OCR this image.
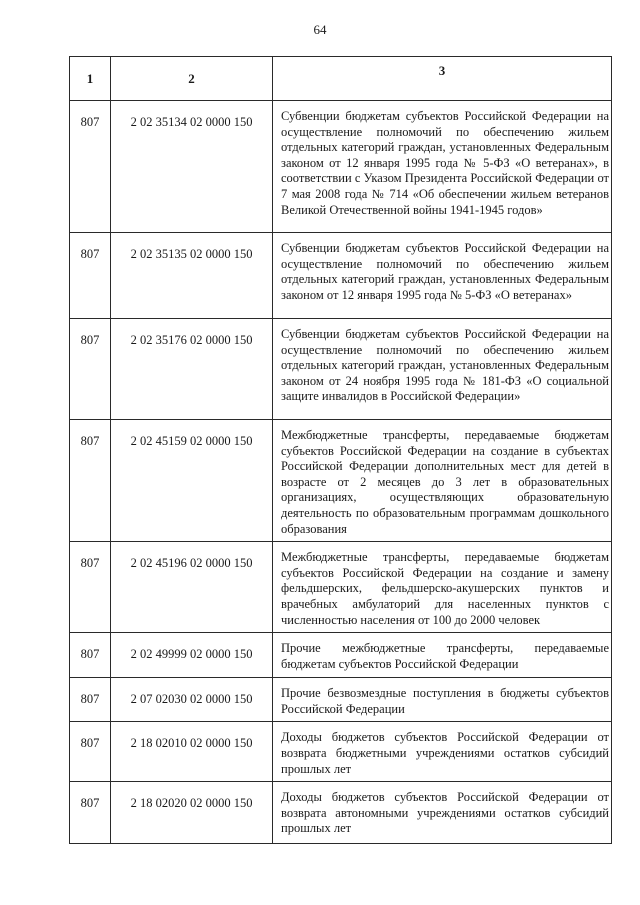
64
1	2	3
807	2 02 35134 02 0000 150	Субвенции бюджетам субъектов Российской Федерации на осуществление полномочий по обеспечению жильем отдельных категорий граждан, установленных Федеральным законом от 12 января 1995 года № 5-ФЗ «О ветеранах», в соответствии с Указом Президента Российской Федерации от 7 мая 2008 года № 714 «Об обеспечении жильем ветеранов Великой Отечественной войны 1941-1945 годов»
807	2 02 35135 02 0000 150	Субвенции бюджетам субъектов Российской Федерации на осуществление полномочий по обеспечению жильем отдельных категорий граждан, установленных Федеральным законом от 12 января 1995 года № 5-ФЗ «О ветеранах»
807	2 02 35176 02 0000 150	Субвенции бюджетам субъектов Российской Федерации на осуществление полномочий по обеспечению жильем отдельных категорий граждан, установленных Федеральным законом от 24 ноября 1995 года № 181-ФЗ «О социальной защите инвалидов в Российской Федерации»
807	2 02 45159 02 0000 150	Межбюджетные трансферты, передаваемые бюджетам субъектов Российской Федерации на создание в субъектах Российской Федерации дополнительных мест для детей в возрасте от 2 месяцев до 3 лет в образовательных организациях, осуществляющих образовательную деятельность по образовательным программам дошкольного образования
807	2 02 45196 02 0000 150	Межбюджетные трансферты, передаваемые бюджетам субъектов Российской Федерации на создание и замену фельдшерских, фельдшерско-акушерских пунктов и врачебных амбулаторий для населенных пунктов с численностью населения от 100 до 2000 человек
807	2 02 49999 02 0000 150	Прочие межбюджетные трансферты, передаваемые бюджетам субъектов Российской Федерации
807	2 07 02030 02 0000 150	Прочие безвозмездные поступления в бюджеты субъектов Российской Федерации
807	2 18 02010 02 0000 150	Доходы бюджетов субъектов Российской Федерации от возврата бюджетными учреждениями остатков субсидий прошлых лет
807	2 18 02020 02 0000 150	Доходы бюджетов субъектов Российской Федерации от возврата автономными учреждениями остатков субсидий прошлых лет
